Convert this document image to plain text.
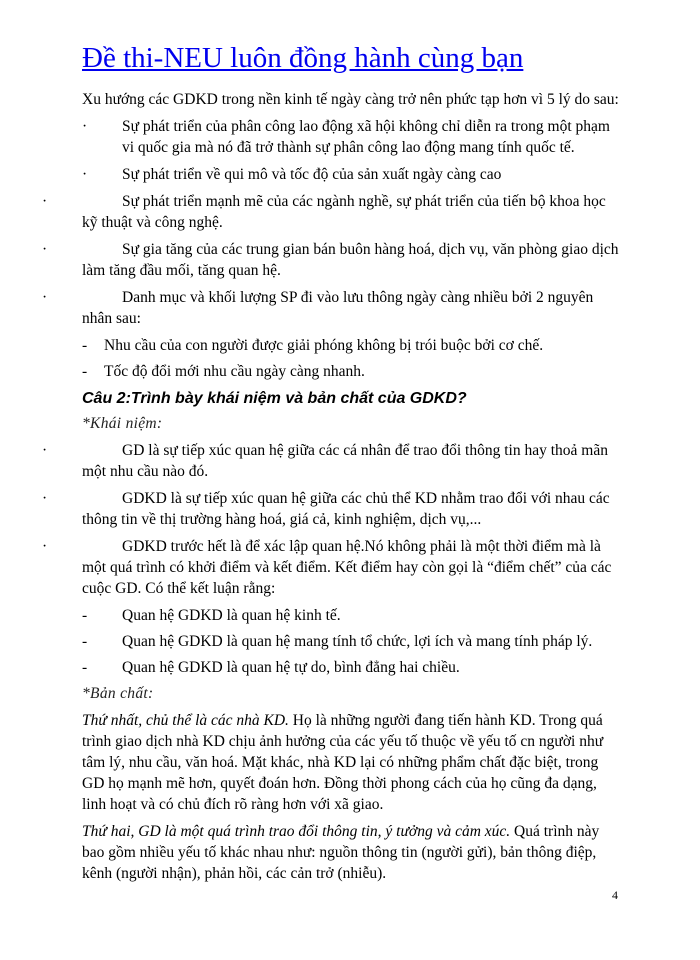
Đề thi-NEU luôn đồng hành cùng bạn

Xu hướng các GDKD trong nền kinh tế ngày càng trở nên phức tạp hơn vì 5 lý do sau:

·	Sự phát triển của phân công lao động xã hội không chỉ diễn ra trong một phạm vi quốc gia mà nó đã trở thành sự phân công lao động mang tính quốc tế.
·	Sự phát triển về qui mô và tốc độ của sản xuất ngày càng cao

·	Sự phát triển mạnh mẽ của các ngành nghề, sự phát triển của tiến bộ khoa học kỹ thuật và công nghệ.

·	Sự gia tăng của các trung gian bán buôn hàng hoá, dịch vụ, văn phòng giao dịch làm tăng đầu mối, tăng quan hệ.

·	Danh mục và khối lượng SP đi vào lưu thông ngày càng nhiều bởi 2 nguyên nhân sau:

-	Nhu cầu của con người được giải phóng không bị trói buộc bởi cơ chế.
-	Tốc độ đổi mới nhu cầu ngày càng nhanh.
Câu 2:Trình bày khái niệm và bản chất của GDKD?
*Khái niệm:

·	GD là sự tiếp xúc quan hệ giữa các cá nhân để trao đổi thông tin hay thoả mãn một nhu cầu nào đó.

·	GDKD là sự tiếp xúc quan hệ giữa các chủ thể KD nhằm trao đổi với nhau các thông tin về thị trường hàng hoá, giá cả, kinh nghiệm, dịch vụ,...

·	GDKD trước hết là để xác lập quan hệ.Nó không phải là một thời điểm mà là một quá trình có khởi điểm và kết điểm. Kết điểm hay còn gọi là “điểm chết” của các cuộc GD. Có thể kết luận rằng:

-	Quan hệ GDKD là quan hệ kinh tế.
-	Quan hệ GDKD là quan hệ mang tính tổ chức, lợi ích và mang tính pháp lý.
-	Quan hệ GDKD là quan hệ tự do, bình đẳng hai chiều.
*Bản chất:

Thứ nhất, chủ thể là các nhà KD. Họ là những người đang tiến hành KD. Trong quá trình giao dịch nhà KD chịu ảnh hưởng của các yếu tố thuộc về yếu tố cn người như tâm lý, nhu cầu, văn hoá. Mặt khác, nhà KD lại có những phẩm chất đặc biệt, trong GD họ mạnh mẽ hơn, quyết đoán hơn. Đồng thời phong cách của họ cũng đa dạng, linh hoạt và có chủ đích rõ ràng hơn với xã giao.

Thứ hai, GD là một quá trình trao đổi thông tin, ý tưởng và cảm xúc. Quá trình này bao gồm nhiều yếu tố khác nhau như: nguồn thông tin (người gửi), bản thông điệp, kênh (người nhận), phản hồi, các cản trở (nhiễu).

4
